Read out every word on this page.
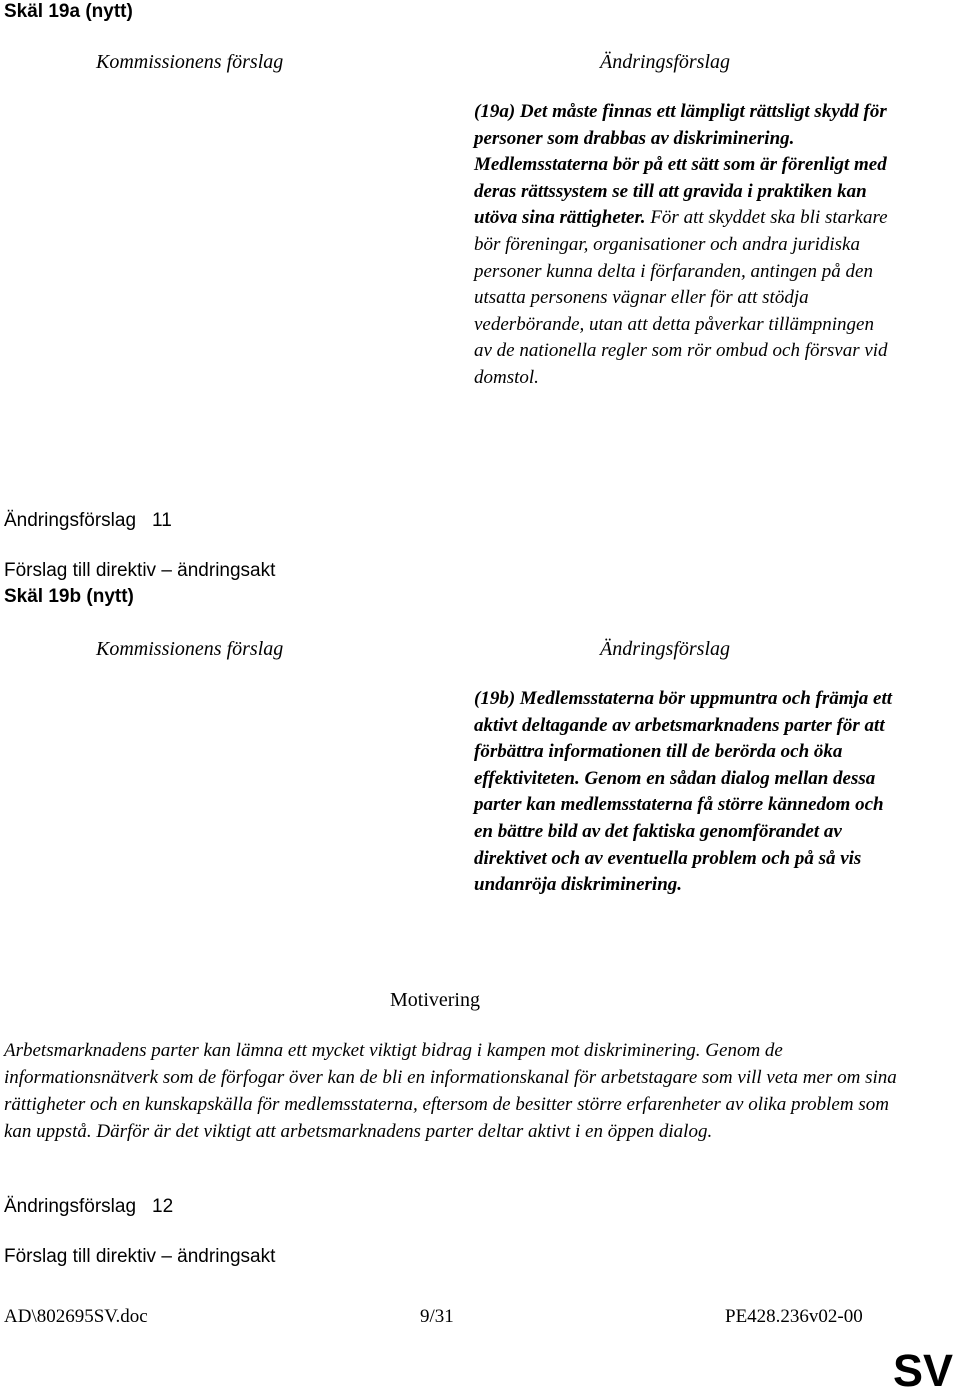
Skäl 19a (nytt)
Kommissionens förslag	Ändringsförslag
(19a) Det måste finnas ett lämpligt rättsligt skydd för personer som drabbas av diskriminering. Medlemsstaterna bör på ett sätt som är förenligt med deras rättssystem se till att gravida i praktiken kan utöva sina rättigheter. För att skyddet ska bli starkare bör föreningar, organisationer och andra juridiska personer kunna delta i förfaranden, antingen på den utsatta personens vägnar eller för att stödja vederbörande, utan att detta påverkar tillämpningen av de nationella regler som rör ombud och försvar vid domstol.
Ändringsförslag 11
Förslag till direktiv – ändringsakt
Skäl 19b (nytt)
Kommissionens förslag	Ändringsförslag
(19b) Medlemsstaterna bör uppmuntra och främja ett aktivt deltagande av arbetsmarknadens parter för att förbättra informationen till de berörda och öka effektiviteten. Genom en sådan dialog mellan dessa parter kan medlemsstaterna få större kännedom och en bättre bild av det faktiska genomförandet av direktivet och av eventuella problem och på så vis undanröja diskriminering.
Motivering
Arbetsmarknadens parter kan lämna ett mycket viktigt bidrag i kampen mot diskriminering. Genom de informationsnätverk som de förfogar över kan de bli en informationskanal för arbetstagare som vill veta mer om sina rättigheter och en kunskapskälla för medlemsstaterna, eftersom de besitter större erfarenheter av olika problem som kan uppstå. Därför är det viktigt att arbetsmarknadens parter deltar aktivt i en öppen dialog.
Ändringsförslag 12
Förslag till direktiv – ändringsakt
AD\802695SV.doc	9/31	PE428.236v02-00
SV
